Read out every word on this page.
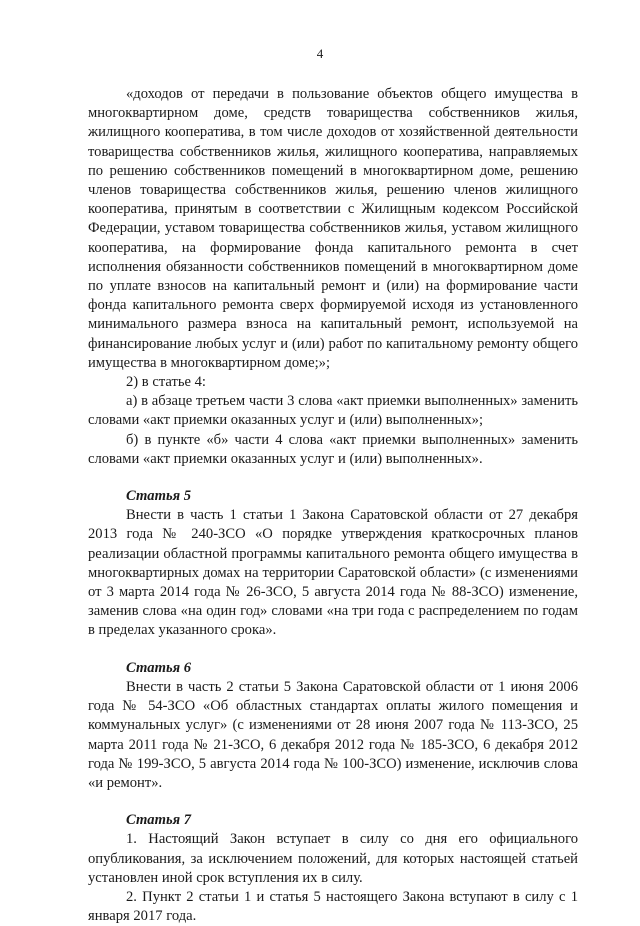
4

«доходов от передачи в пользование объектов общего имущества в многоквартирном доме, средств товарищества собственников жилья, жилищного кооператива, в том числе доходов от хозяйственной деятельности товарищества собственников жилья, жилищного кооператива, направляемых по решению собственников помещений в многоквартирном доме, решению членов товарищества собственников жилья, решению членов жилищного кооператива, принятым в соответствии с Жилищным кодексом Российской Федерации, уставом товарищества собственников жилья, уставом жилищного кооператива, на формирование фонда капитального ремонта в счет исполнения обязанности собственников помещений в многоквартирном доме по уплате взносов на капитальный ремонт и (или) на формирование части фонда капитального ремонта сверх формируемой исходя из установленного минимального размера взноса на капитальный ремонт, используемой на финансирование любых услуг и (или) работ по капитальному ремонту общего имущества в многоквартирном доме;»;

2) в статье 4:

а) в абзаце третьем части 3 слова «акт приемки выполненных» заменить словами «акт приемки оказанных услуг и (или) выполненных»;

б) в пункте «б» части 4 слова «акт приемки выполненных» заменить словами «акт приемки оказанных услуг и (или) выполненных».

Статья 5

Внести в часть 1 статьи 1 Закона Саратовской области от 27 декабря 2013 года № 240-ЗСО «О порядке утверждения краткосрочных планов реализации областной программы капитального ремонта общего имущества в многоквартирных домах на территории Саратовской области» (с изменениями от 3 марта 2014 года № 26-ЗСО, 5 августа 2014 года № 88-ЗСО) изменение, заменив слова «на один год» словами «на три года с распределением по годам в пределах указанного срока».

Статья 6

Внести в часть 2 статьи 5 Закона Саратовской области от 1 июня 2006 года № 54-ЗСО «Об областных стандартах оплаты жилого помещения и коммунальных услуг» (с изменениями от 28 июня 2007 года № 113-ЗСО, 25 марта 2011 года № 21-ЗСО, 6 декабря 2012 года № 185-ЗСО, 6 декабря 2012 года № 199-ЗСО, 5 августа 2014 года № 100-ЗСО) изменение, исключив слова «и ремонт».

Статья 7

1. Настоящий Закон вступает в силу со дня его официального опубликования, за исключением положений, для которых настоящей статьей установлен иной срок вступления их в силу.

2. Пункт 2 статьи 1 и статья 5 настоящего Закона вступают в силу с 1 января 2017 года.
